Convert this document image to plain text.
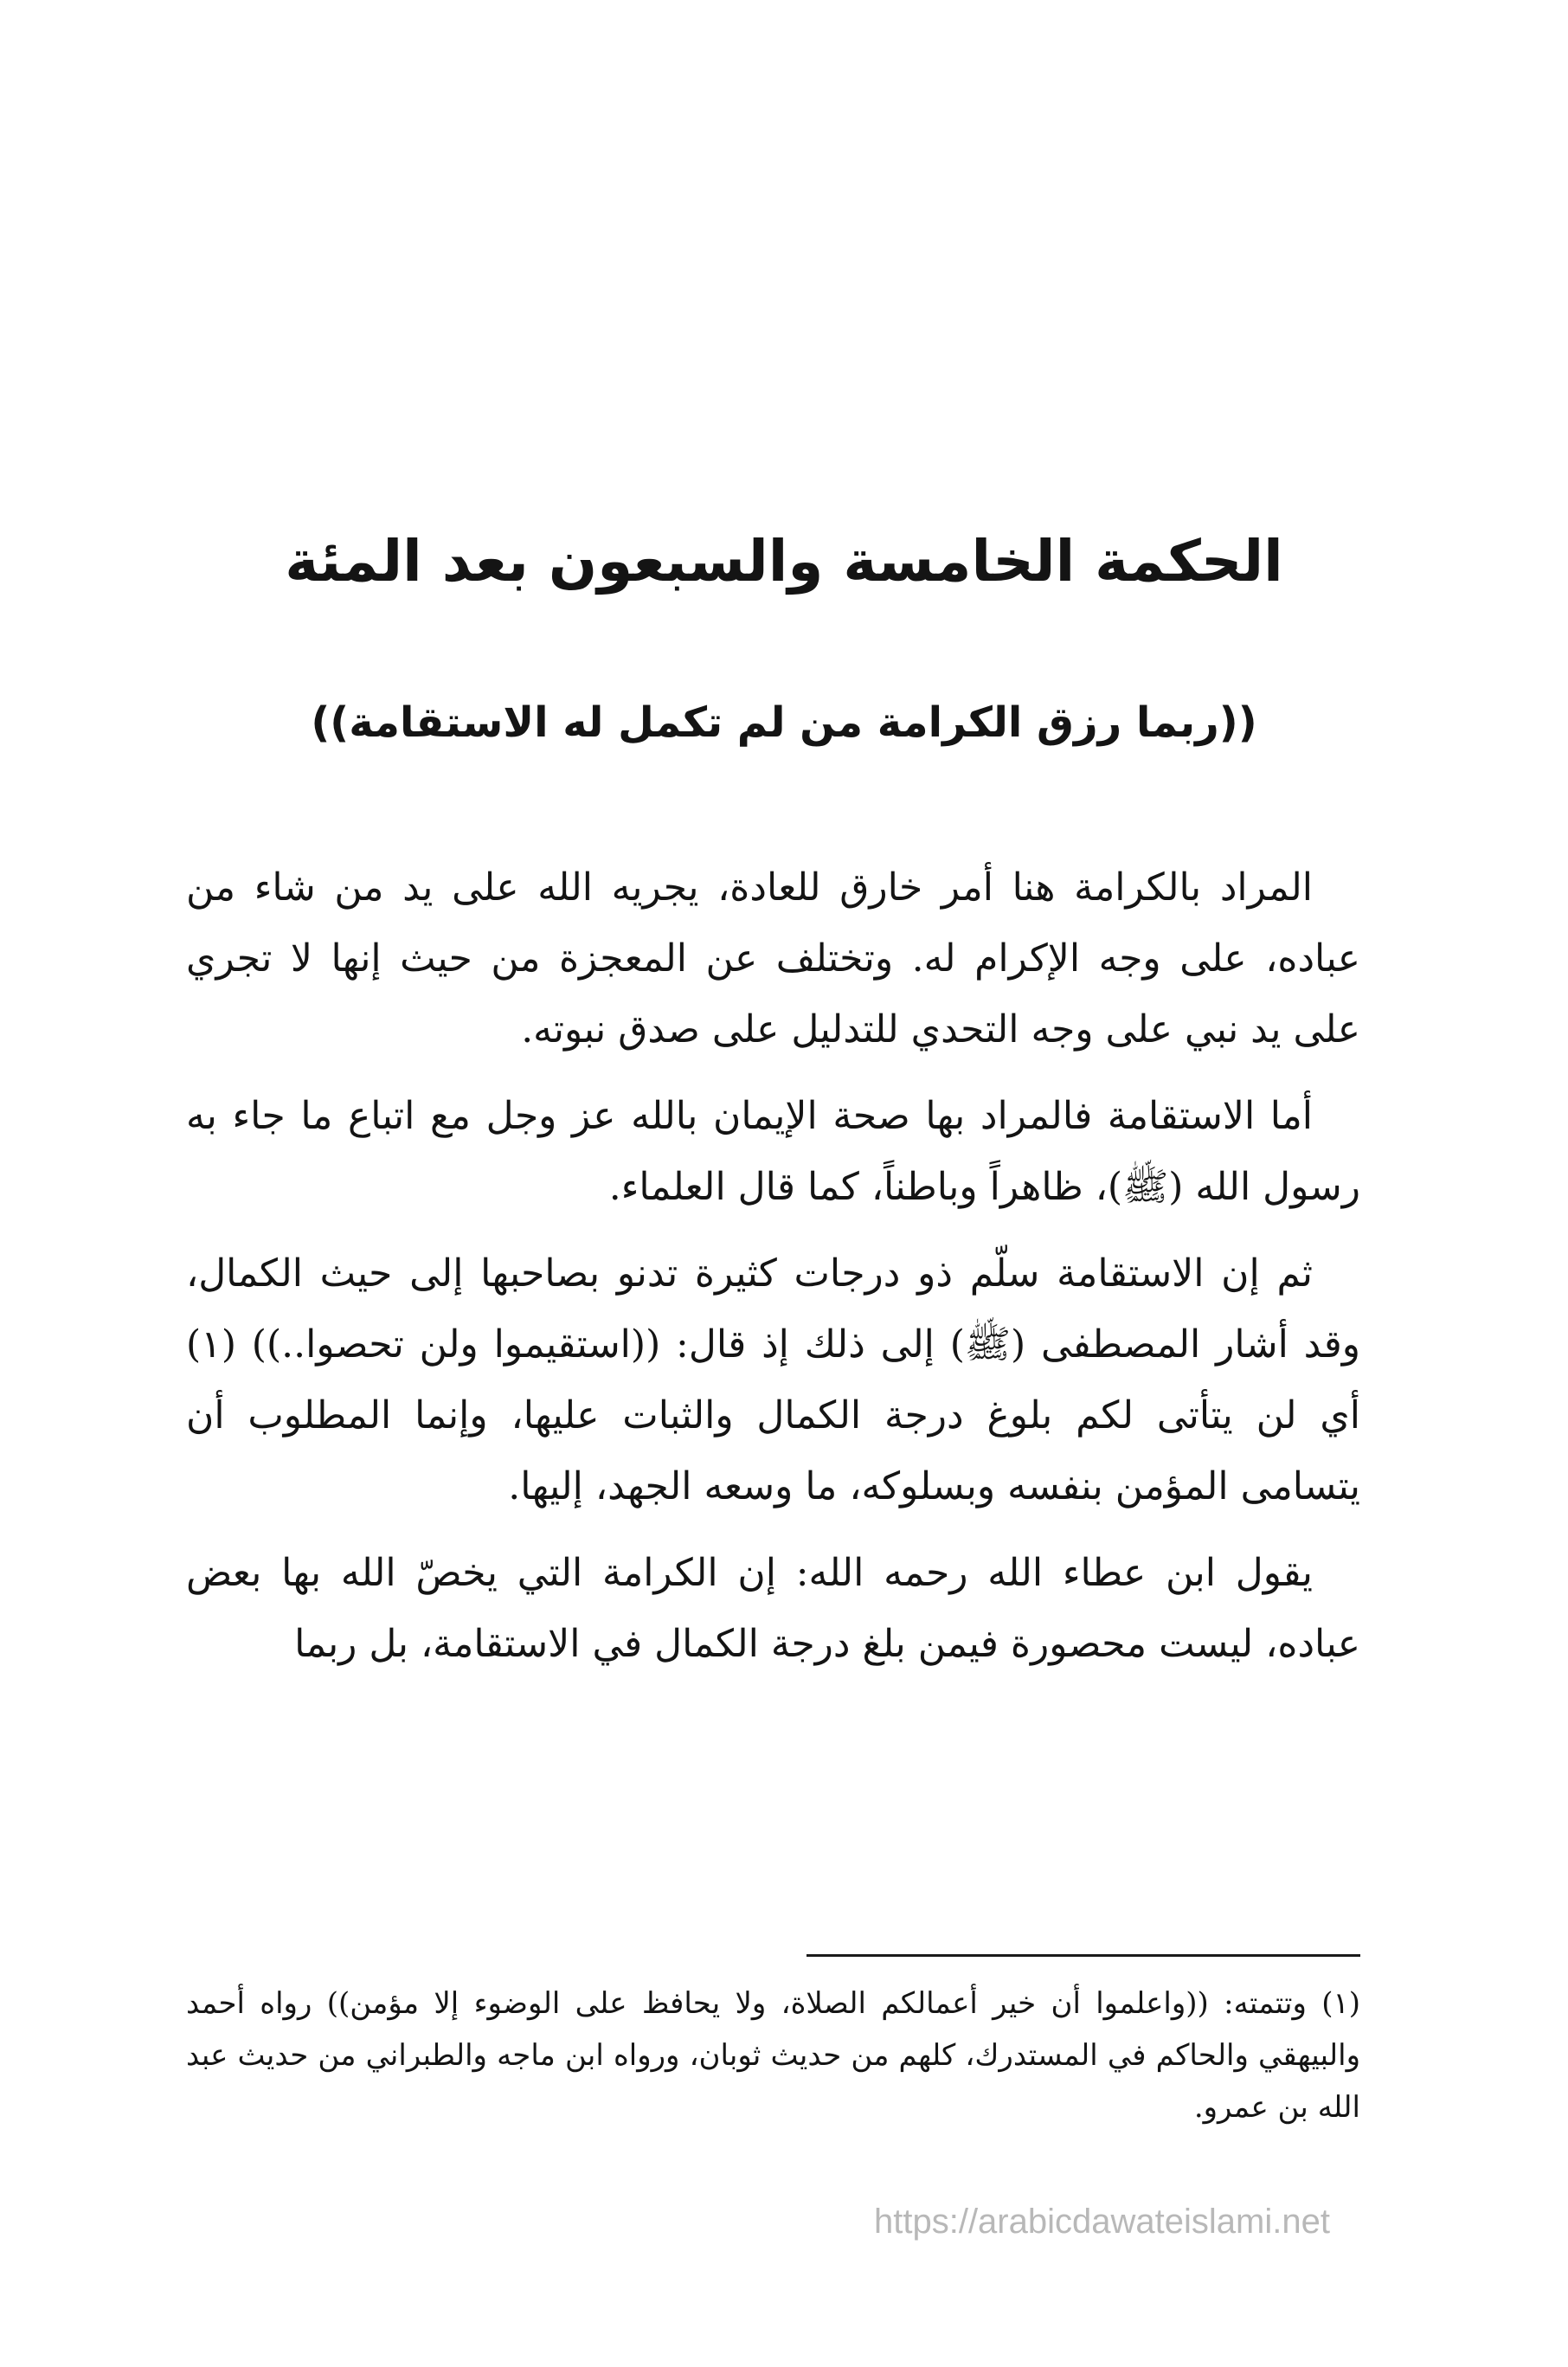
الحكمة الخامسة والسبعون بعد المئة
((ربما رزق الكرامة من لم تكمل له الاستقامة))

المراد بالكرامة هنا أمر خارق للعادة، يجريه الله على يد من شاء من عباده، على وجه الإكرام له. وتختلف عن المعجزة من حيث إنها لا تجري على يد نبي على وجه التحدي للتدليل على صدق نبوته.

أما الاستقامة فالمراد بها صحة الإيمان بالله عز وجل مع اتباع ما جاء به رسول الله (ﷺ)، ظاهراً وباطناً، كما قال العلماء.

ثم إن الاستقامة سلّم ذو درجات كثيرة تدنو بصاحبها إلى حيث الكمال، وقد أشار المصطفى (ﷺ) إلى ذلك إذ قال: ((استقيموا ولن تحصوا..)) (١) أي لن يتأتى لكم بلوغ درجة الكمال والثبات عليها، وإنما المطلوب أن يتسامى المؤمن بنفسه وبسلوكه، ما وسعه الجهد، إليها.

يقول ابن عطاء الله رحمه الله: إن الكرامة التي يخصّ الله بها بعض عباده، ليست محصورة فيمن بلغ درجة الكمال في الاستقامة، بل ربما

(١) وتتمته: ((واعلموا أن خير أعمالكم الصلاة، ولا يحافظ على الوضوء إلا مؤمن)) رواه أحمد والبيهقي والحاكم في المستدرك، كلهم من حديث ثوبان، ورواه ابن ماجه والطبراني من حديث عبد الله بن عمرو.

https://arabicdawateislami.net
